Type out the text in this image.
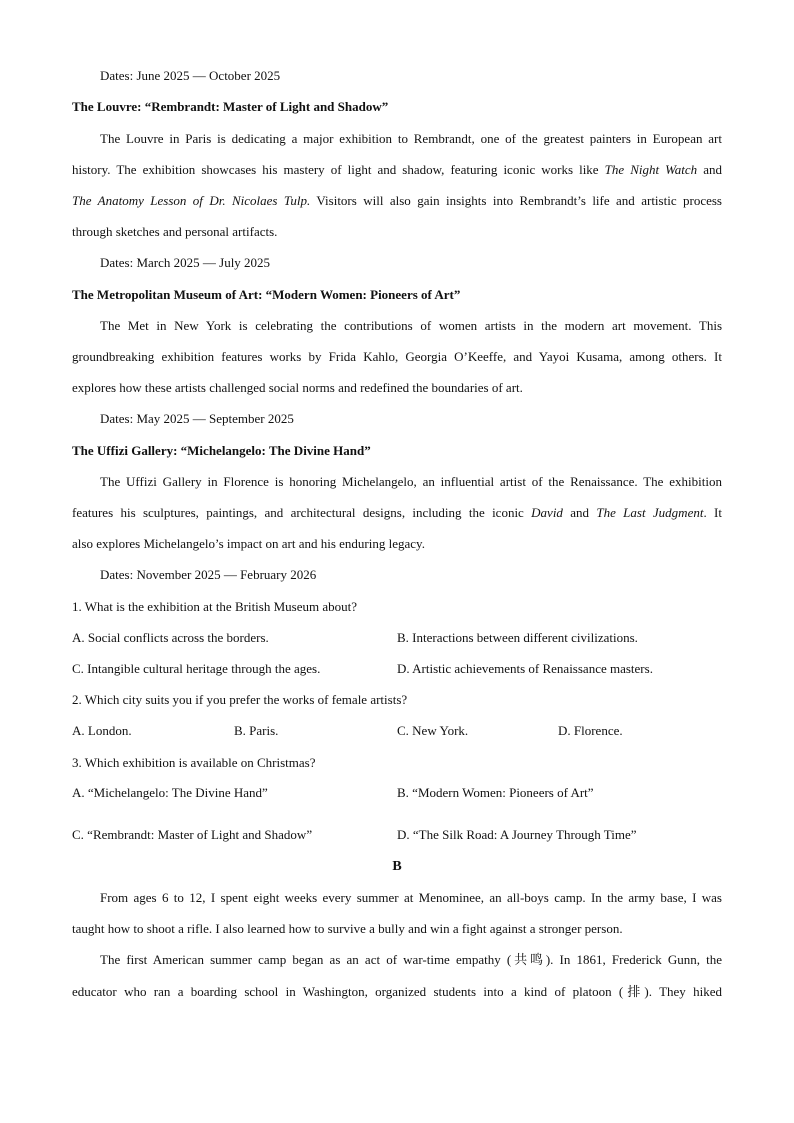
Dates: June 2025 — October 2025
The Louvre: “Rembrandt: Master of Light and Shadow”
The Louvre in Paris is dedicating a major exhibition to Rembrandt, one of the greatest painters in European art
history. The exhibition showcases his mastery of light and shadow, featuring iconic works like The Night Watch and
The Anatomy Lesson of Dr. Nicolaes Tulp. Visitors will also gain insights into Rembrandt’s life and artistic process
through sketches and personal artifacts.
Dates: March 2025 — July 2025
The Metropolitan Museum of Art: “Modern Women: Pioneers of Art”
The Met in New York is celebrating the contributions of women artists in the modern art movement. This
groundbreaking exhibition features works by Frida Kahlo, Georgia O’Keeffe, and Yayoi Kusama, among others. It
explores how these artists challenged social norms and redefined the boundaries of art.
Dates: May 2025 — September 2025
The Uffizi Gallery: “Michelangelo: The Divine Hand”
The Uffizi Gallery in Florence is honoring Michelangelo, an influential artist of the Renaissance. The exhibition
features his sculptures, paintings, and architectural designs, including the iconic David and The Last Judgment. It
also explores Michelangelo’s impact on art and his enduring legacy.
Dates: November 2025 — February 2026
1. What is the exhibition at the British Museum about?
A. Social conflicts across the borders.	B. Interactions between different civilizations.
C. Intangible cultural heritage through the ages.	D. Artistic achievements of Renaissance masters.
2. Which city suits you if you prefer the works of female artists?
A. London.	B. Paris.	C. New York.	D. Florence.
3. Which exhibition is available on Christmas?
A. “Michelangelo: The Divine Hand”	B. “Modern Women: Pioneers of Art”
C. “Rembrandt: Master of Light and Shadow”	D. “The Silk Road: A Journey Through Time”
B
From ages 6 to 12, I spent eight weeks every summer at Menominee, an all-boys camp. In the army base, I was
taught how to shoot a rifle. I also learned how to survive a bully and win a fight against a stronger person.
The first American summer camp began as an act of war-time empathy (共鸣). In 1861, Frederick Gunn, the
educator who ran a boarding school in Washington, organized students into a kind of platoon (排). They hiked
